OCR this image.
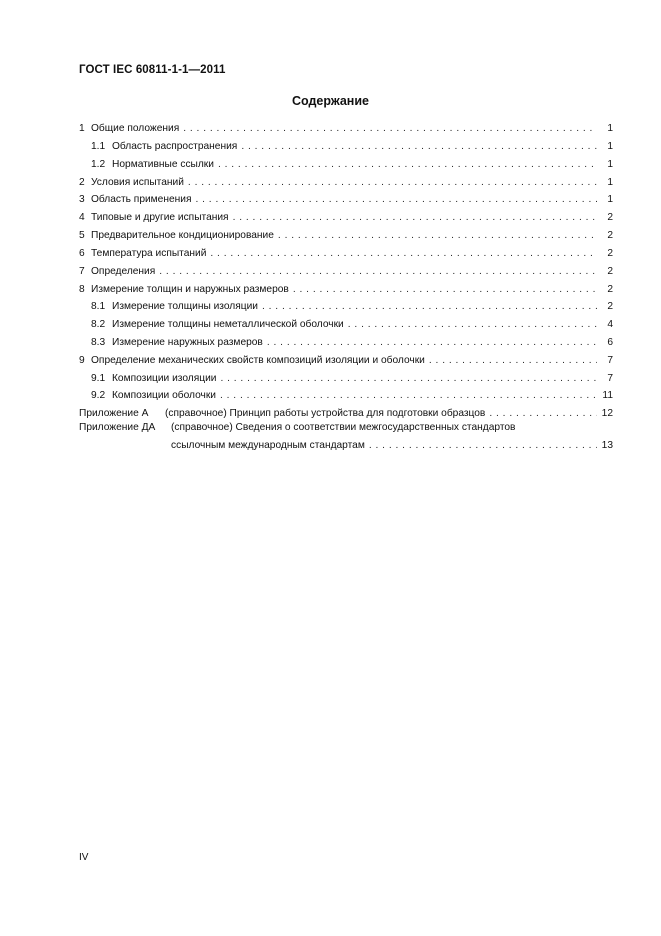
ГОСТ IEC 60811-1-1—2011
Содержание
1 Общие положения . . .	1
1.1 Область распространения . . .	1
1.2 Нормативные ссылки . . .	1
2 Условия испытаний . . .	1
3 Область применения . . .	1
4 Типовые и другие испытания . . .	2
5 Предварительное кондиционирование . . .	2
6 Температура испытаний . . .	2
7 Определения . . .	2
8 Измерение толщин и наружных размеров . . .	2
8.1 Измерение толщины изоляции . . .	2
8.2 Измерение толщины неметаллической оболочки . . .	4
8.3 Измерение наружных размеров . . .	6
9 Определение механических свойств композиций изоляции и оболочки . . .	7
9.1 Композиции изоляции . . .	7
9.2 Композиции оболочки . . .	11
Приложение А	(справочное) Принцип работы устройства для подготовки образцов . . .	12
Приложение ДА	(справочное) Сведения о соответствии межгосударственных стандартов
ссылочным международным стандартам . . .	13
IV
